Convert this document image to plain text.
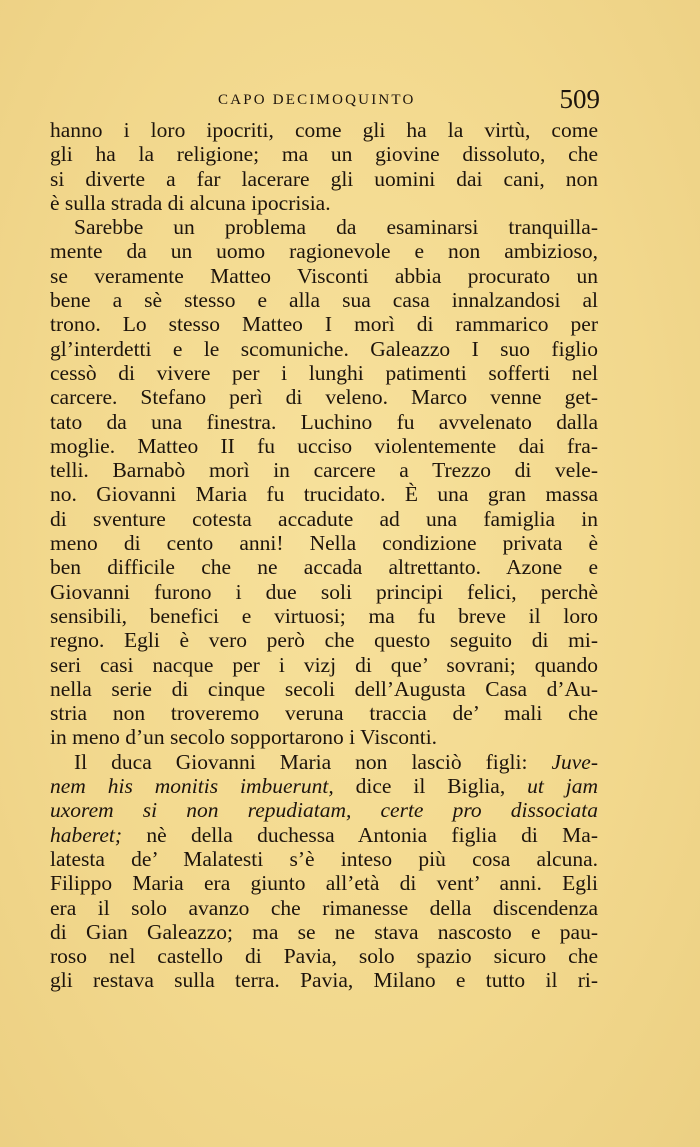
CAPO DECIMOQUINTO	509
hanno i loro ipocriti, come gli ha la virtù, come
gli ha la religione; ma un giovine dissoluto, che
si diverte a far lacerare gli uomini dai cani, non
è sulla strada di alcuna ipocrisia.
Sarebbe un problema da esaminarsi tranquilla-
mente da un uomo ragionevole e non ambizioso,
se veramente Matteo Visconti abbia procurato un
bene a sè stesso e alla sua casa innalzandosi al
trono. Lo stesso Matteo I morì di rammarico per
gl’interdetti e le scomuniche. Galeazzo I suo figlio
cessò di vivere per i lunghi patimenti sofferti nel
carcere. Stefano perì di veleno. Marco venne get-
tato da una finestra. Luchino fu avvelenato dalla
moglie. Matteo II fu ucciso violentemente dai fra-
telli. Barnabò morì in carcere a Trezzo di vele-
no. Giovanni Maria fu trucidato. È una gran massa
di sventure cotesta accadute ad una famiglia in
meno di cento anni! Nella condizione privata è
ben difficile che ne accada altrettanto. Azone e
Giovanni furono i due soli principi felici, perchè
sensibili, benefici e virtuosi; ma fu breve il loro
regno. Egli è vero però che questo seguito di mi-
seri casi nacque per i vizj di que’ sovrani; quando
nella serie di cinque secoli dell’Augusta Casa d’Au-
stria non troveremo veruna traccia de’ mali che
in meno d’un secolo sopportarono i Visconti.
Il duca Giovanni Maria non lasciò figli: Juve-
nem his monitis imbuerunt, dice il Biglia, ut jam
uxorem si non repudiatam, certe pro dissociata
haberet; nè della duchessa Antonia figlia di Ma-
latesta de’ Malatesti s’è inteso più cosa alcuna.
Filippo Maria era giunto all’età di vent’ anni. Egli
era il solo avanzo che rimanesse della discendenza
di Gian Galeazzo; ma se ne stava nascosto e pau-
roso nel castello di Pavia, solo spazio sicuro che
gli restava sulla terra. Pavia, Milano e tutto il ri-
